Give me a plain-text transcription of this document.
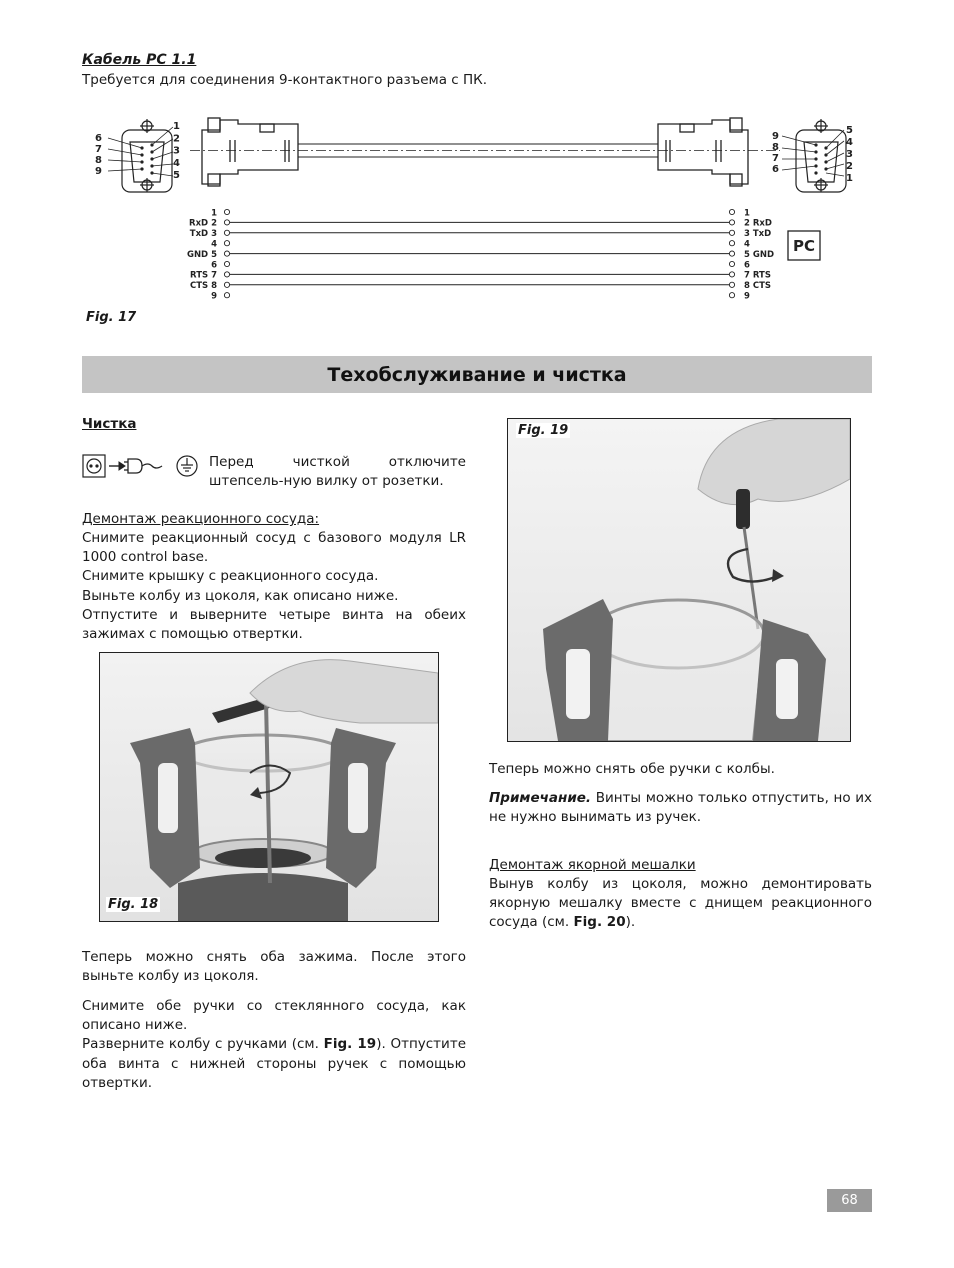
Кабель PC 1.1
Требуется для соединения 9-контактного разъема с ПК.
6
7
8
9
1
2
3
4
5
9
8
7
6
5
4
3
2
1
1	1
RxD 2	2 RxD
TxD 3	3 TxD
4	4
GND 5	5 GND
6	6
RTS 7	7 RTS
CTS 8	8 CTS
9	9
PC
Fig. 17
Техобслуживание и чистка
Чистка
Перед чисткой отключите штепсель-ную вилку от розетки.
Демонтаж реакционного сосуда:
Снимите реакционный сосуд с базового модуля LR 1000 control base.
Снимите крышку с реакционного сосуда.
Выньте колбу из цоколя, как описано ниже.
Отпустите и выверните четыре винта на обеих зажимах с помощью отвертки.
Fig. 18
Теперь можно снять оба зажима. После этого выньте колбу из цоколя.
Снимите обе ручки со стеклянного сосуда, как описано ниже.
Разверните колбу с ручками (см. Fig. 19). Отпустите оба винта с нижней стороны ручек с помощью отвертки.
Fig. 19
Теперь можно снять обе ручки с колбы.
Примечание. Винты можно только отпустить, но их не нужно вынимать из ручек.
Демонтаж якорной мешалки
Вынув колбу из цоколя, можно демонтировать якорную мешалку вместе с днищем реакционного сосуда (см. Fig. 20).
68
